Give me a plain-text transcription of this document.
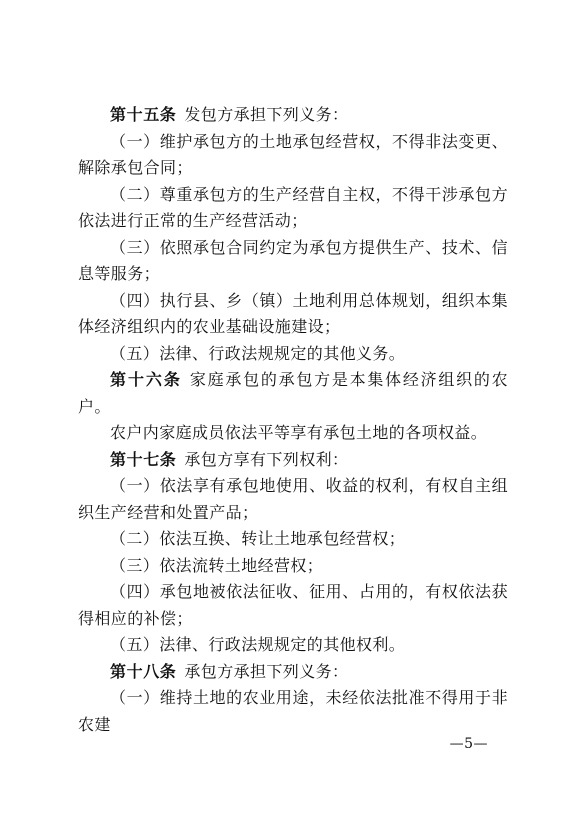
第十五条 发包方承担下列义务：

（一）维护承包方的土地承包经营权，不得非法变更、解除承包合同；

（二）尊重承包方的生产经营自主权，不得干涉承包方依法进行正常的生产经营活动；

（三）依照承包合同约定为承包方提供生产、技术、信息等服务；

（四）执行县、乡（镇）土地利用总体规划，组织本集体经济组织内的农业基础设施建设；

（五）法律、行政法规规定的其他义务。

第十六条 家庭承包的承包方是本集体经济组织的农户。

农户内家庭成员依法平等享有承包土地的各项权益。

第十七条 承包方享有下列权利：

（一）依法享有承包地使用、收益的权利，有权自主组织生产经营和处置产品；

（二）依法互换、转让土地承包经营权；

（三）依法流转土地经营权；

（四）承包地被依法征收、征用、占用的，有权依法获得相应的补偿；

（五）法律、行政法规规定的其他权利。

第十八条 承包方承担下列义务：

（一）维持土地的农业用途，未经依法批准不得用于非农建

—5—
